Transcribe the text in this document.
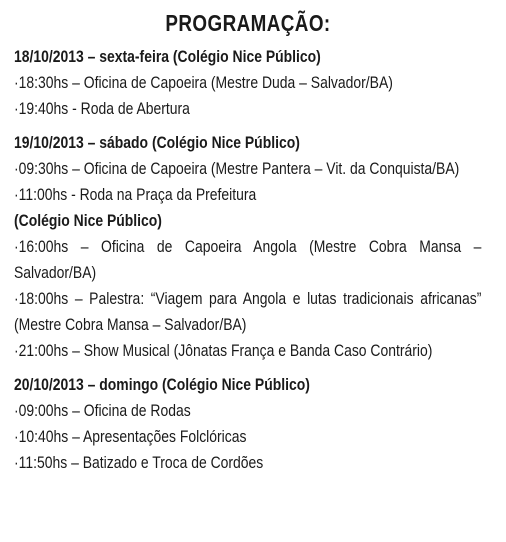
PROGRAMAÇÃO:
18/10/2013 – sexta-feira (Colégio Nice Público)
·18:30hs – Oficina de Capoeira (Mestre Duda – Salvador/BA)
·19:40hs - Roda de Abertura
19/10/2013 – sábado (Colégio Nice Público)
·09:30hs – Oficina de Capoeira (Mestre Pantera – Vit. da Conquista/BA)
·11:00hs - Roda na Praça da Prefeitura
(Colégio Nice Público)
·16:00hs – Oficina de Capoeira Angola (Mestre Cobra Mansa – Salvador/BA)
·18:00hs – Palestra: “Viagem para Angola e lutas tradicionais africanas” (Mestre Cobra Mansa – Salvador/BA)
·21:00hs – Show Musical (Jônatas França e Banda Caso Contrário)
20/10/2013 – domingo (Colégio Nice Público)
·09:00hs – Oficina de Rodas
·10:40hs – Apresentações Folclóricas
·11:50hs – Batizado e Troca de Cordões
